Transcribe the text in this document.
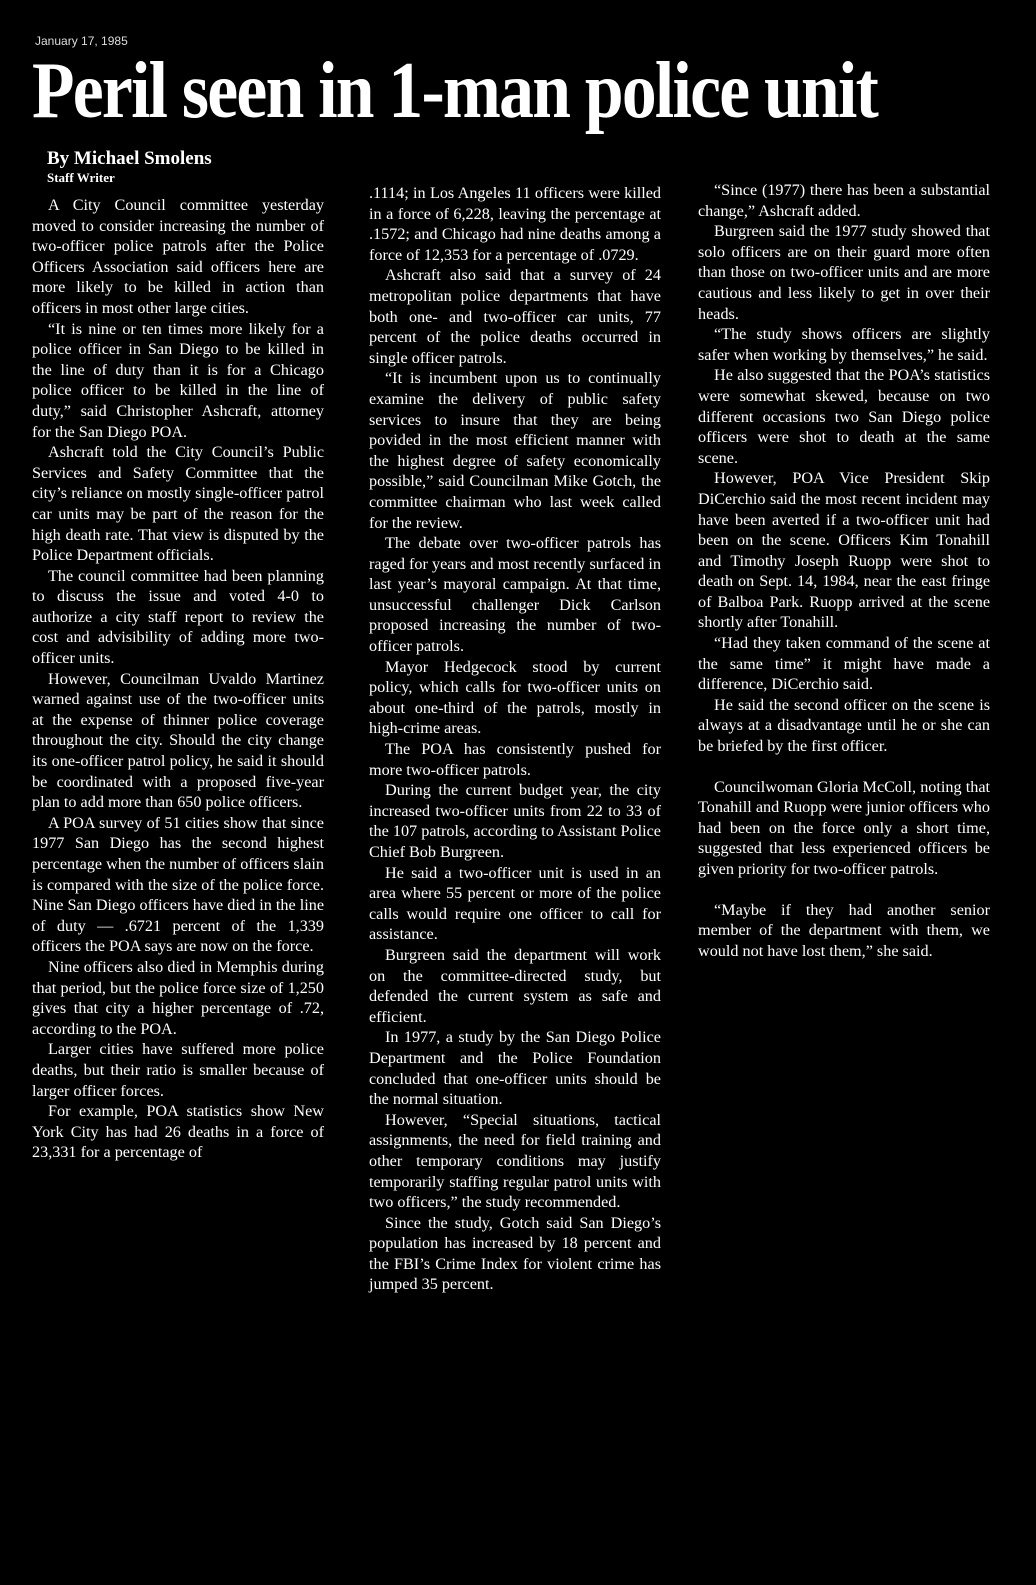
January 17, 1985
Peril seen in 1-man police unit
By Michael Smolens
Staff Writer

A City Council committee yesterday moved to consider increasing the number of two-officer police patrols after the Police Officers Association said officers here are more likely to be killed in action than officers in most other large cities.

“It is nine or ten times more likely for a police officer in San Diego to be killed in the line of duty than it is for a Chicago police officer to be killed in the line of duty,” said Christopher Ashcraft, attorney for the San Diego POA.

Ashcraft told the City Council’s Public Services and Safety Committee that the city’s reliance on mostly single-officer patrol car units may be part of the reason for the high death rate. That view is disputed by the Police Department officials.

The council committee had been planning to discuss the issue and voted 4-0 to authorize a city staff report to review the cost and advisibility of adding more two-officer units.

However, Councilman Uvaldo Martinez warned against use of the two-officer units at the expense of thinner police coverage throughout the city. Should the city change its one-officer patrol policy, he said it should be coordinated with a proposed five-year plan to add more than 650 police officers.

A POA survey of 51 cities show that since 1977 San Diego has the second highest percentage when the number of officers slain is compared with the size of the police force. Nine San Diego officers have died in the line of duty — .6721 percent of the 1,339 officers the POA says are now on the force.

Nine officers also died in Memphis during that period, but the police force size of 1,250 gives that city a higher percentage of .72, according to the POA.

Larger cities have suffered more police deaths, but their ratio is smaller because of larger officer forces.

For example, POA statistics show New York City has had 26 deaths in a force of 23,331 for a percentage of

.1114; in Los Angeles 11 officers were killed in a force of 6,228, leaving the percentage at .1572; and Chicago had nine deaths among a force of 12,353 for a percentage of .0729.

Ashcraft also said that a survey of 24 metropolitan police departments that have both one- and two-officer car units, 77 percent of the police deaths occurred in single officer patrols.

“It is incumbent upon us to continually examine the delivery of public safety services to insure that they are being povided in the most efficient manner with the highest degree of safety economically possible,” said Councilman Mike Gotch, the committee chairman who last week called for the review.

The debate over two-officer patrols has raged for years and most recently surfaced in last year’s mayoral campaign. At that time, unsuccessful challenger Dick Carlson proposed increasing the number of two-officer patrols.

Mayor Hedgecock stood by current policy, which calls for two-officer units on about one-third of the patrols, mostly in high-crime areas.

The POA has consistently pushed for more two-officer patrols.

During the current budget year, the city increased two-officer units from 22 to 33 of the 107 patrols, according to Assistant Police Chief Bob Burgreen.

He said a two-officer unit is used in an area where 55 percent or more of the police calls would require one officer to call for assistance.

Burgreen said the department will work on the committee-directed study, but defended the current system as safe and efficient.

In 1977, a study by the San Diego Police Department and the Police Foundation concluded that one-officer units should be the normal situation.

However, “Special situations, tactical assignments, the need for field training and other temporary conditions may justify temporarily staffing regular patrol units with two officers,” the study recommended.

Since the study, Gotch said San Diego’s population has increased by 18 percent and the FBI’s Crime Index for violent crime has jumped 35 percent.

“Since (1977) there has been a substantial change,” Ashcraft added.

Burgreen said the 1977 study showed that solo officers are on their guard more often than those on two-officer units and are more cautious and less likely to get in over their heads.

“The study shows officers are slightly safer when working by themselves,” he said.

He also suggested that the POA’s statistics were somewhat skewed, because on two different occasions two San Diego police officers were shot to death at the same scene.

However, POA Vice President Skip DiCerchio said the most recent incident may have been averted if a two-officer unit had been on the scene. Officers Kim Tonahill and Timothy Joseph Ruopp were shot to death on Sept. 14, 1984, near the east fringe of Balboa Park. Ruopp arrived at the scene shortly after Tonahill.

“Had they taken command of the scene at the same time” it might have made a difference, DiCerchio said.

He said the second officer on the scene is always at a disadvantage until he or she can be briefed by the first officer.

Councilwoman Gloria McColl, noting that Tonahill and Ruopp were junior officers who had been on the force only a short time, suggested that less experienced officers be given priority for two-officer patrols.

“Maybe if they had another senior member of the department with them, we would not have lost them,” she said.
